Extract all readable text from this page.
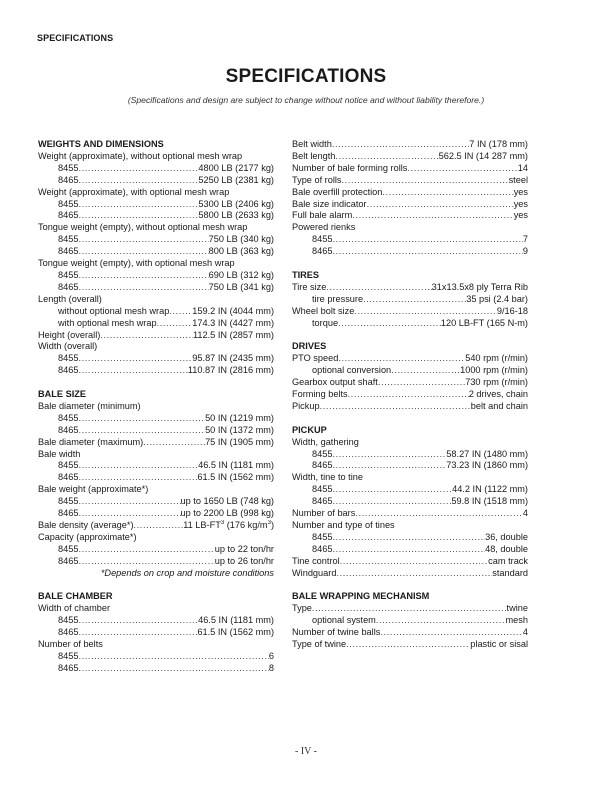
SPECIFICATIONS
SPECIFICATIONS
(Specifications and design are subject to change without notice and without liability therefore.)
WEIGHTS AND DIMENSIONS
Weight (approximate), without optional mesh wrap
8455 .....	4800 LB (2177 kg)
8465 .....	5250 LB (2381 kg)
Weight (approximate), with optional mesh wrap
8455 .....	5300 LB (2406 kg)
8465 .....	5800 LB (2633 kg)
Tongue weight (empty), without optional mesh wrap
8455 .....	750 LB (340 kg)
8465 .....	800 LB (363 kg)
Tongue weight (empty), with optional mesh wrap
8455 .....	690 LB (312 kg)
8465 .....	750 LB (341 kg)
Length (overall)
without optional mesh wrap ..... 159.2 IN (4044 mm)
with optional mesh wrap .....	174.3 IN (4427 mm)
Height (overall) .....	112.5 IN (2857 mm)
Width (overall)
8455 .....	95.87 IN (2435 mm)
8465 .....	110.87 IN (2816 mm)
BALE SIZE
Bale diameter (minimum)
8455 .....	50 IN (1219 mm)
8465 .....	50 IN (1372 mm)
Bale diameter (maximum) .....	75 IN (1905 mm)
Bale width
8455 .....	46.5 IN (1181 mm)
8465 .....	61.5 IN (1562 mm)
Bale weight (approximate*)
8455 .....	up to 1650 LB (748 kg)
8465 .....	up to 2200 LB (998 kg)
Bale density (average*) .....	11 $LB-FT^3$ (176 $kg/m^3$)
Capacity (approximate*)
8455 .....	up to 22 ton/hr
8465 .....	up to 26 ton/hr
*Depends on crop and moisture conditions
BALE CHAMBER
Width of chamber
8455 .....	46.5 IN (1181 mm)
8465 .....	61.5 IN (1562 mm)
Number of belts
8455 .....	6
8465 .....	8
Belt width .....	7 IN (178 mm)
Belt length .....	562.5 IN (14 287 mm)
Number of bale forming rolls .....	14
Type of rolls .....	steel
Bale overfill protection .....	yes
Bale size indicator .....	yes
Full bale alarm .....	yes
Powered rienks
8455 .....	7
8465 .....	9
TIRES
Tire size .....	31x13.5x8 ply Terra Rib
tire pressure .....	35 psi (2.4 bar)
Wheel bolt size .....	9/16-18
torque .....	120 LB-FT (165 N-m)
DRIVES
PTO speed .....	540 rpm (r/min)
optional conversion .....	1000 rpm (r/min)
Gearbox output shaft .....	730 rpm (r/min)
Forming belts .....	2 drives, chain
Pickup .....	belt and chain
PICKUP
Width, gathering
8455 .....	58.27 IN (1480 mm)
8465 .....	73.23 IN (1860 mm)
Width, tine to tine
8455 .....	44.2 IN (1122 mm)
8465 .....	59.8 IN (1518 mm)
Number of bars .....	4
Number and type of tines
8455 .....	36, double
8465 .....	48, double
Tine control .....	cam track
Windguard .....	standard
BALE WRAPPING MECHANISM
Type .....	twine
optional system .....	mesh
Number of twine balls .....	4
Type of twine .....	plastic or sisal
- IV -
